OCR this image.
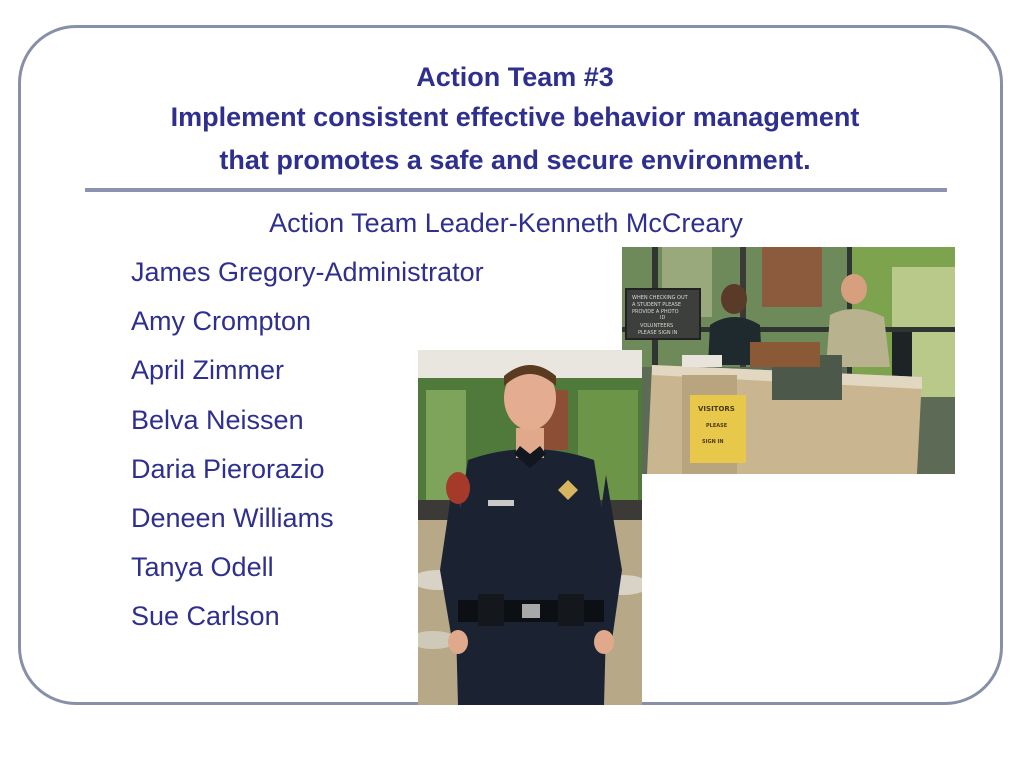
Action Team #3
Implement consistent effective behavior management
that promotes a safe and secure environment.
Action Team Leader-Kenneth McCreary
James Gregory-Administrator
Amy Crompton
April Zimmer
Belva Neissen
Daria Pierorazio
Deneen Williams
Tanya Odell
Sue Carlson
WHEN CHECKING OUT
A STUDENT PLEASE
PROVIDE A PHOTO
ID
VOLUNTEERS
PLEASE SIGN IN
VISITORS
PLEASE
SIGN IN
